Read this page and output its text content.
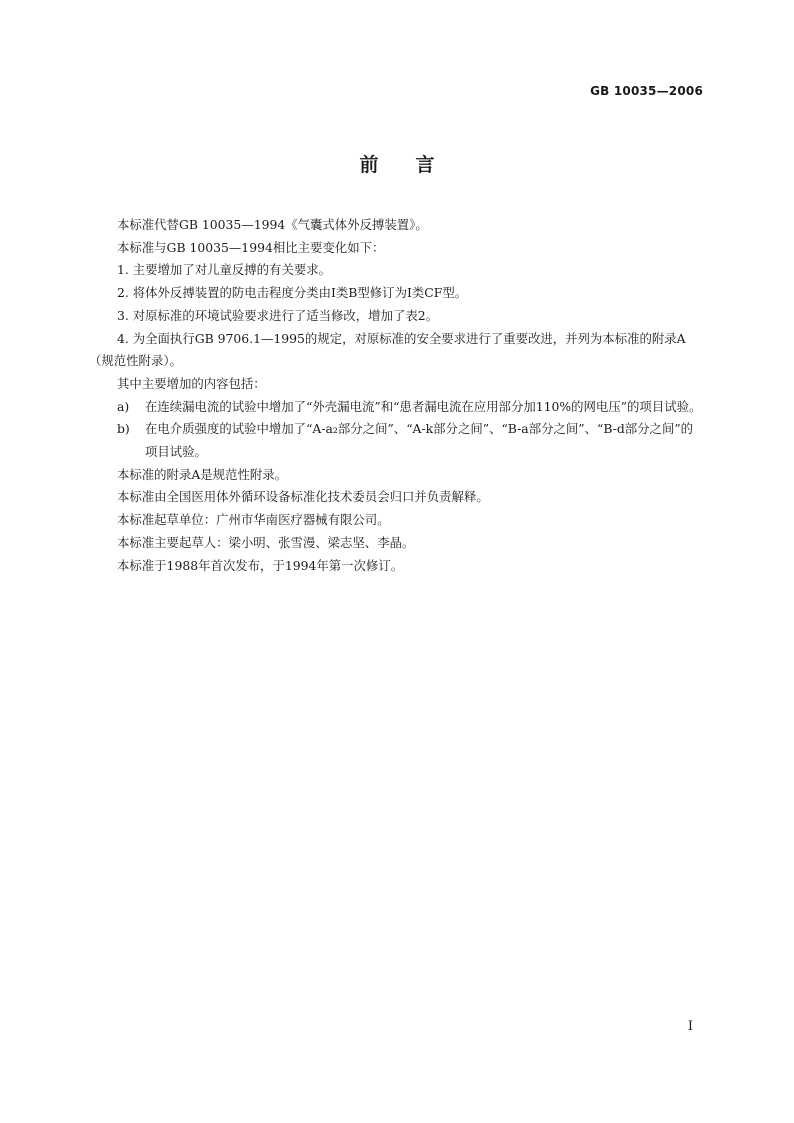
GB 10035—2006
前言

本标准代替GB 10035—1994《气囊式体外反搏装置》。

本标准与GB 10035—1994相比主要变化如下：

1. 主要增加了对儿童反搏的有关要求。

2. 将体外反搏装置的防电击程度分类由Ⅰ类B型修订为Ⅰ类CF型。

3. 对原标准的环境试验要求进行了适当修改，增加了表2。

4. 为全面执行GB 9706.1—1995的规定，对原标准的安全要求进行了重要改进，并列为本标准的附录A（规范性附录）。

其中主要增加的内容包括：

a)	在连续漏电流的试验中增加了“外壳漏电流”和“患者漏电流在应用部分加110%的网电压”的项目试验。
b)	在电介质强度的试验中增加了“A-a₂部分之间”、“A-k部分之间”、“B-a部分之间”、“B-d部分之间”的项目试验。

本标准的附录A是规范性附录。

本标准由全国医用体外循环设备标准化技术委员会归口并负责解释。

本标准起草单位：广州市华南医疗器械有限公司。

本标准主要起草人：梁小明、张雪漫、梁志坚、李晶。

本标准于1988年首次发布，于1994年第一次修订。

I
